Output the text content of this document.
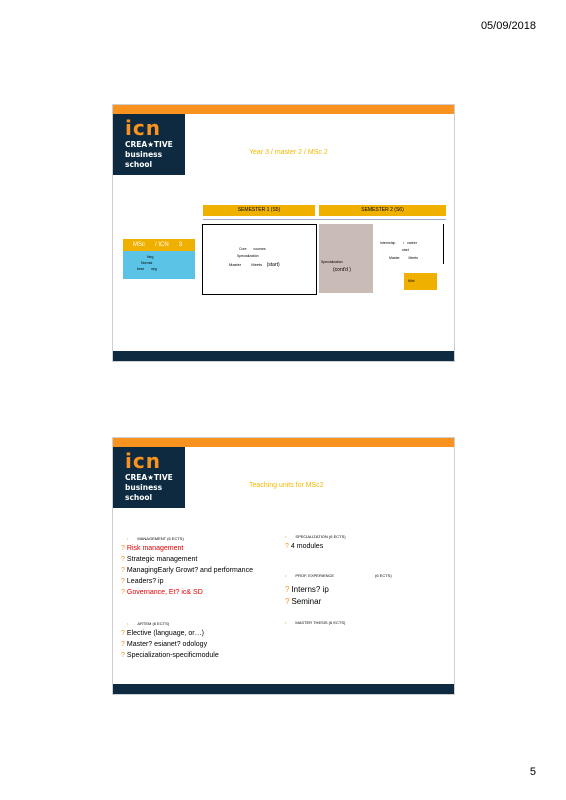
05/09/2018
icn
CREA★TIVE
business
school
Year 3 / master 2 / MSc 2
SEMESTER 1 (S5)	SEMESTER 2 (S6)
MSc / ICN 3
Neg
Normal
bear neg
Core courses
Specialization
Master	Meets (start)	Specialization
(cont'd )
Internship / career
start
Master	Meets
Mini
icn
CREA★TIVE
business
school
Teaching units for MSc2
• MANAGEMENT (6 ECTS)
? Risk management
? Strategic management
? ManagingEarly Growt? and performance
? Leaders? ip
? Governance, Et? ic& SD
• ARTEM (6 ECTS)
? Elective (language, or…)
? Master? esianet? odology
? Specialization-specificmodule
• SPECIALIZATION (6 ECTS)
? 4 modules
• PROF. EXPERIENCE	(6 ECTS)
? Interns? ip
? Seminar
• MASTER THESIS (6 ECTS)
5
